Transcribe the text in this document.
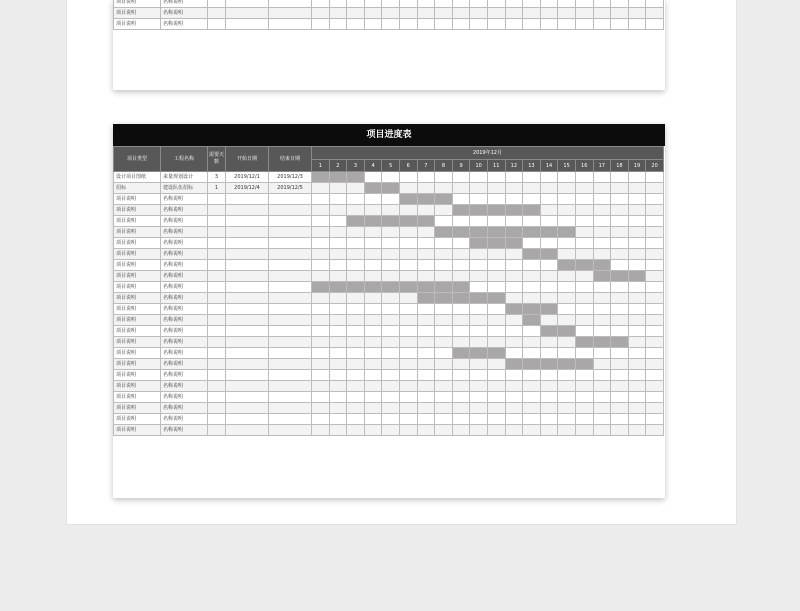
项目说明	名称说明																							
项目说明	名称说明																							
项目说明	名称说明																							
项目进度表
项目类型	工程名称	需要天数	开始日期	结束日期	2019年12月																			
					1	2	3	4	5	6	7	8	9	10	11	12	13	14	15	16	17	18	19	20
设计项目图纸	来量规划设计	3	2019/12/1	2019/12/3																				
招标	建设队伍招标	1	2019/12/4	2019/12/5																				
项目说明	名称说明																							
项目说明	名称说明																							
项目说明	名称说明																							
项目说明	名称说明																							
项目说明	名称说明																							
项目说明	名称说明																							
项目说明	名称说明																							
项目说明	名称说明																							
项目说明	名称说明																							
项目说明	名称说明																							
项目说明	名称说明																							
项目说明	名称说明																							
项目说明	名称说明																							
项目说明	名称说明																							
项目说明	名称说明																							
项目说明	名称说明																							
项目说明	名称说明																							
项目说明	名称说明																							
项目说明	名称说明																							
项目说明	名称说明																							
项目说明	名称说明																							
项目说明	名称说明																							
